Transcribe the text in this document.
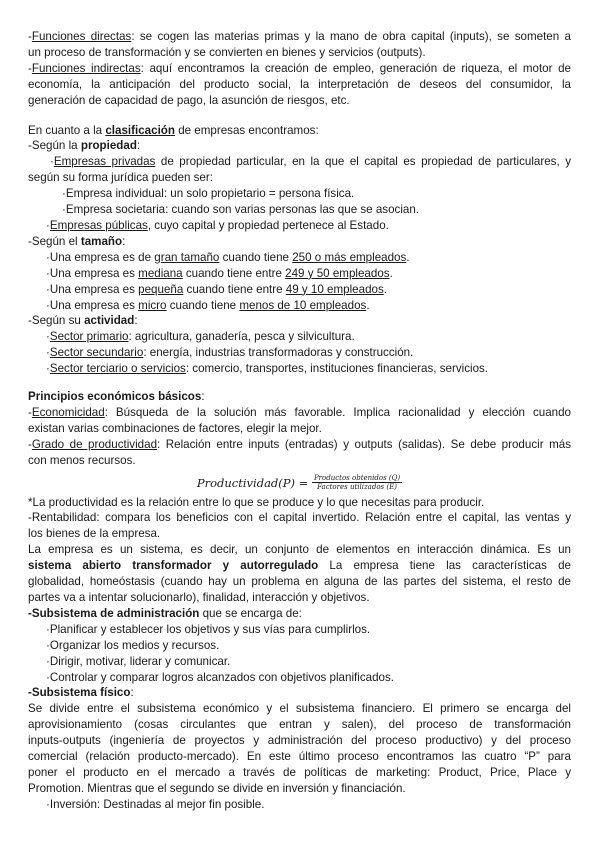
-Funciones directas: se cogen las materias primas y la mano de obra capital (inputs), se someten a
un proceso de transformación y se convierten en bienes y servicios (outputs).
-Funciones indirectas: aquí encontramos la creación de empleo, generación de riqueza, el motor de
economía, la anticipación del producto social, la interpretación de deseos del consumidor, la
generación de capacidad de pago, la asunción de riesgos, etc.
En cuanto a la clasificación de empresas encontramos:
-Según la propiedad:
·Empresas privadas de propiedad particular, en la que el capital es propiedad de particulares, y
según su forma jurídica pueden ser:
·Empresa individual: un solo propietario = persona física.
·Empresa societaria: cuando son varias personas las que se asocian.
·Empresas públicas, cuyo capital y propiedad pertenece al Estado.
-Según el tamaño:
·Una empresa es de gran tamaño cuando tiene 250 o más empleados.
·Una empresa es mediana cuando tiene entre 249 y 50 empleados.
·Una empresa es pequeña cuando tiene entre 49 y 10 empleados.
·Una empresa es micro cuando tiene menos de 10 empleados.
-Según su actividad:
·Sector primario: agricultura, ganadería, pesca y silvicultura.
·Sector secundario: energía, industrias transformadoras y construcción.
·Sector terciario o servicios: comercio, transportes, instituciones financieras, servicios.
Principios económicos básicos:
-Economicidad: Búsqueda de la solución más favorable. Implica racionalidad y elección cuando
existan varias combinaciones de factores, elegir la mejor.
-Grado de productividad: Relación entre inputs (entradas) y outputs (salidas). Se debe producir más
con menos recursos.
Productividad(P) = $\frac{\text{Productos obtenidos (Q)}}{\text{Factores utilizados (E)}}$
*La productividad es la relación entre lo que se produce y lo que necesitas para producir.
-Rentabilidad: compara los beneficios con el capital invertido. Relación entre el capital, las ventas y
los bienes de la empresa.
La empresa es un sistema, es decir, un conjunto de elementos en interacción dinámica. Es un
sistema abierto transformador y autorregulado La empresa tiene las características de
globalidad, homeóstasis (cuando hay un problema en alguna de las partes del sistema, el resto de
partes va a intentar solucionarlo), finalidad, interacción y objetivos.
-Subsistema de administración que se encarga de:
·Planificar y establecer los objetivos y sus vías para cumplirlos.
·Organizar los medios y recursos.
·Dirigir, motivar, liderar y comunicar.
·Controlar y comparar logros alcanzados con objetivos planificados.
-Subsistema físico:
Se divide entre el subsistema económico y el subsistema financiero. El primero se encarga del
aprovisionamiento (cosas circulantes que entran y salen), del proceso de transformación
inputs-outputs (ingeniería de proyectos y administración del proceso productivo) y del proceso
comercial (relación producto-mercado). En este último proceso encontramos las cuatro “P” para
poner el producto en el mercado a través de políticas de marketing: Product, Price, Place y
Promotion. Mientras que el segundo se divide en inversión y financiación.
·Inversión: Destinadas al mejor fin posible.
